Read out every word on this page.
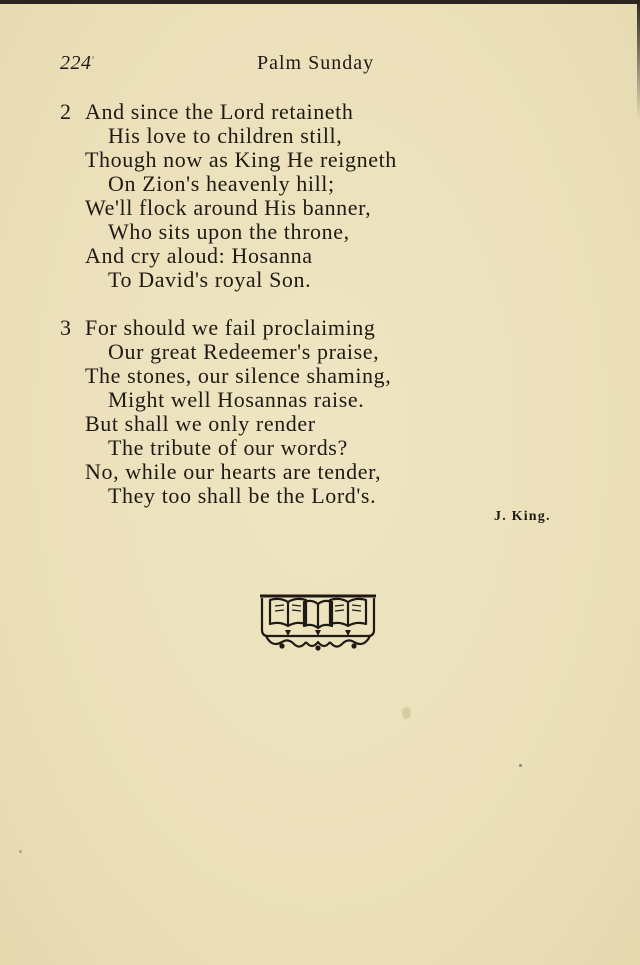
224	Palm Sunday
2 And since the Lord retaineth
His love to children still,
Though now as King He reigneth
On Zion's heavenly hill;
We'll flock around His banner,
Who sits upon the throne,
And cry aloud: Hosanna
To David's royal Son.
3 For should we fail proclaiming
Our great Redeemer's praise,
The stones, our silence shaming,
Might well Hosannas raise.
But shall we only render
The tribute of our words?
No, while our hearts are tender,
They too shall be the Lord's.
J. King.
